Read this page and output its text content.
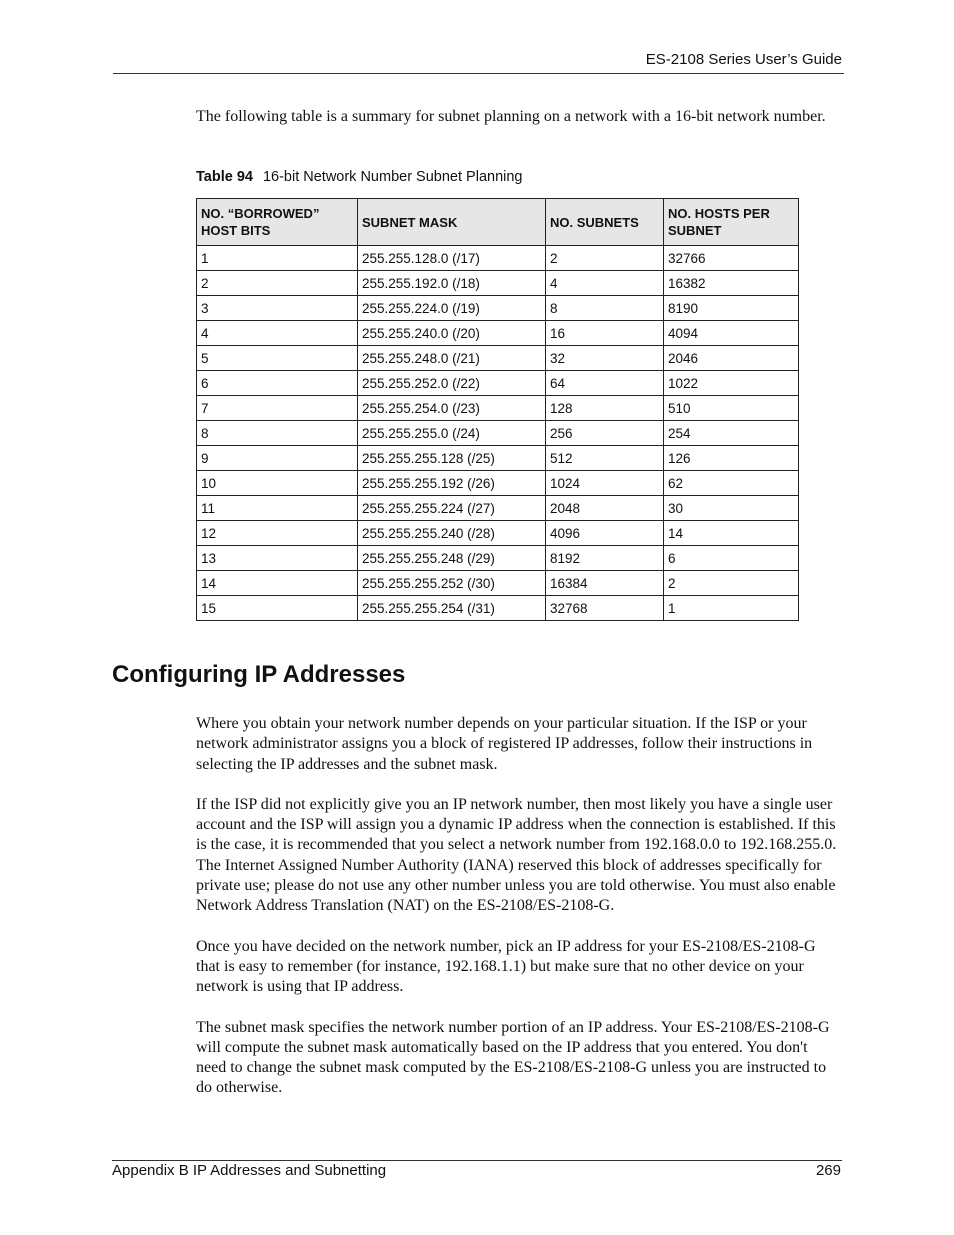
ES-2108 Series User’s Guide

The following table is a summary for subnet planning on a network with a 16-bit network number.

Table 94 16-bit Network Number Subnet Planning
NO. “BORROWED” HOST BITS	SUBNET MASK	NO. SUBNETS	NO. HOSTS PER SUBNET
1	255.255.128.0 (/17)	2	32766
2	255.255.192.0 (/18)	4	16382
3	255.255.224.0 (/19)	8	8190
4	255.255.240.0 (/20)	16	4094
5	255.255.248.0 (/21)	32	2046
6	255.255.252.0 (/22)	64	1022
7	255.255.254.0 (/23)	128	510
8	255.255.255.0 (/24)	256	254
9	255.255.255.128 (/25)	512	126
10	255.255.255.192 (/26)	1024	62
11	255.255.255.224 (/27)	2048	30
12	255.255.255.240 (/28)	4096	14
13	255.255.255.248 (/29)	8192	6
14	255.255.255.252 (/30)	16384	2
15	255.255.255.254 (/31)	32768	1
Configuring IP Addresses

Where you obtain your network number depends on your particular situation. If the ISP or your network administrator assigns you a block of registered IP addresses, follow their instructions in selecting the IP addresses and the subnet mask.

If the ISP did not explicitly give you an IP network number, then most likely you have a single user account and the ISP will assign you a dynamic IP address when the connection is established. If this is the case, it is recommended that you select a network number from 192.168.0.0 to 192.168.255.0. The Internet Assigned Number Authority (IANA) reserved this block of addresses specifically for private use; please do not use any other number unless you are told otherwise. You must also enable Network Address Translation (NAT) on the ES-2108/ES-2108-G.

Once you have decided on the network number, pick an IP address for your ES-2108/ES-2108-G that is easy to remember (for instance, 192.168.1.1) but make sure that no other device on your network is using that IP address.

The subnet mask specifies the network number portion of an IP address. Your ES-2108/ES-2108-G will compute the subnet mask automatically based on the IP address that you entered. You don't need to change the subnet mask computed by the ES-2108/ES-2108-G unless you are instructed to do otherwise.

Appendix B IP Addresses and Subnetting	269
